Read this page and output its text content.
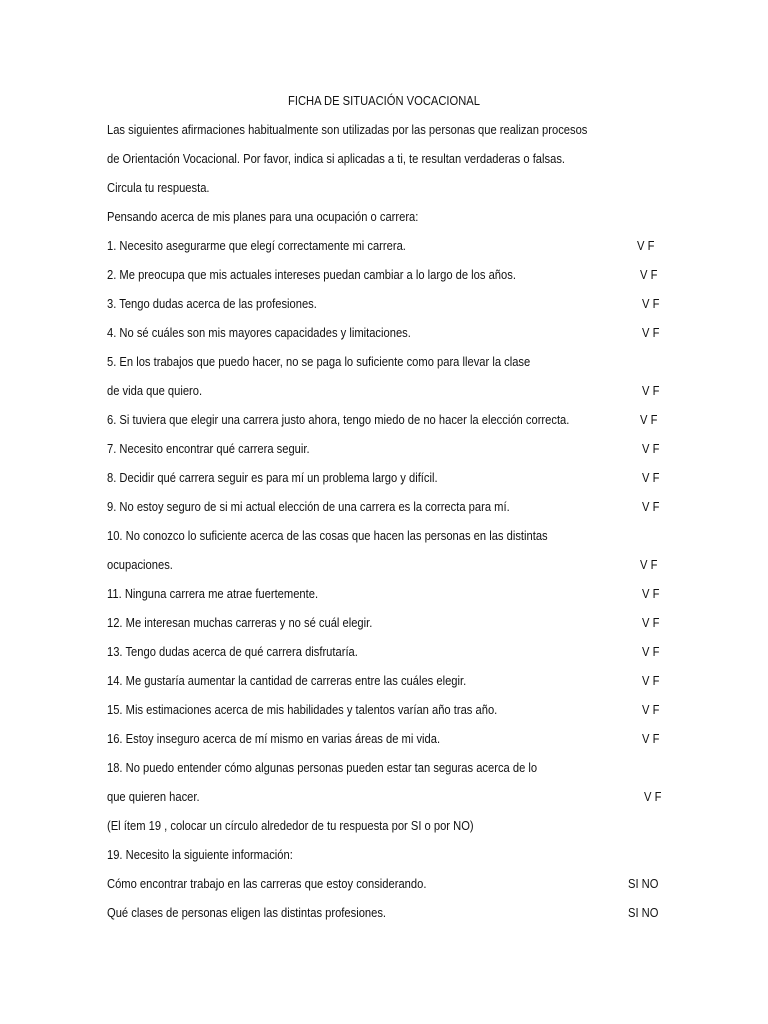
FICHA DE SITUACIÓN VOCACIONAL
Las siguientes afirmaciones habitualmente son utilizadas por las personas que realizan procesos
de Orientación Vocacional. Por favor, indica si aplicadas a ti, te resultan verdaderas o falsas.
Circula tu respuesta.
Pensando acerca de mis planes para una ocupación o carrera:
1. Necesito asegurarme que elegí correctamente mi carrera.	V F
2. Me preocupa que mis actuales intereses puedan cambiar a lo largo de los años.	V F
3. Tengo dudas acerca de las profesiones.	V F
4. No sé cuáles son mis mayores capacidades y limitaciones.	V F
5. En los trabajos que puedo hacer, no se paga lo suficiente como para llevar la clase
de vida que quiero.	V F
6. Si tuviera que elegir una carrera justo ahora, tengo miedo de no hacer la elección correcta.	V F
7. Necesito encontrar qué carrera seguir.	V F
8. Decidir qué carrera seguir es para mí un problema largo y difícil.	V F
9. No estoy seguro de si mi actual elección de una carrera es la correcta para mí.	V F
10. No conozco lo suficiente acerca de las cosas que hacen las personas en las distintas
ocupaciones.	V F
11. Ninguna carrera me atrae fuertemente.	V F
12. Me interesan muchas carreras y no sé cuál elegir.	V F
13. Tengo dudas acerca de qué carrera disfrutaría.	V F
14. Me gustaría aumentar la cantidad de carreras entre las cuáles elegir.	V F
15. Mis estimaciones acerca de mis habilidades y talentos varían año tras año.	V F
16. Estoy inseguro acerca de mí mismo en varias áreas de mi vida.	V F
18. No puedo entender cómo algunas personas pueden estar tan seguras acerca de lo
que quieren hacer.	V F
(El ítem 19 , colocar un círculo alrededor de tu respuesta por SI o por NO)
19. Necesito la siguiente información:
Cómo encontrar trabajo en las carreras que estoy considerando.	SI NO
Qué clases de personas eligen las distintas profesiones.	SI NO
